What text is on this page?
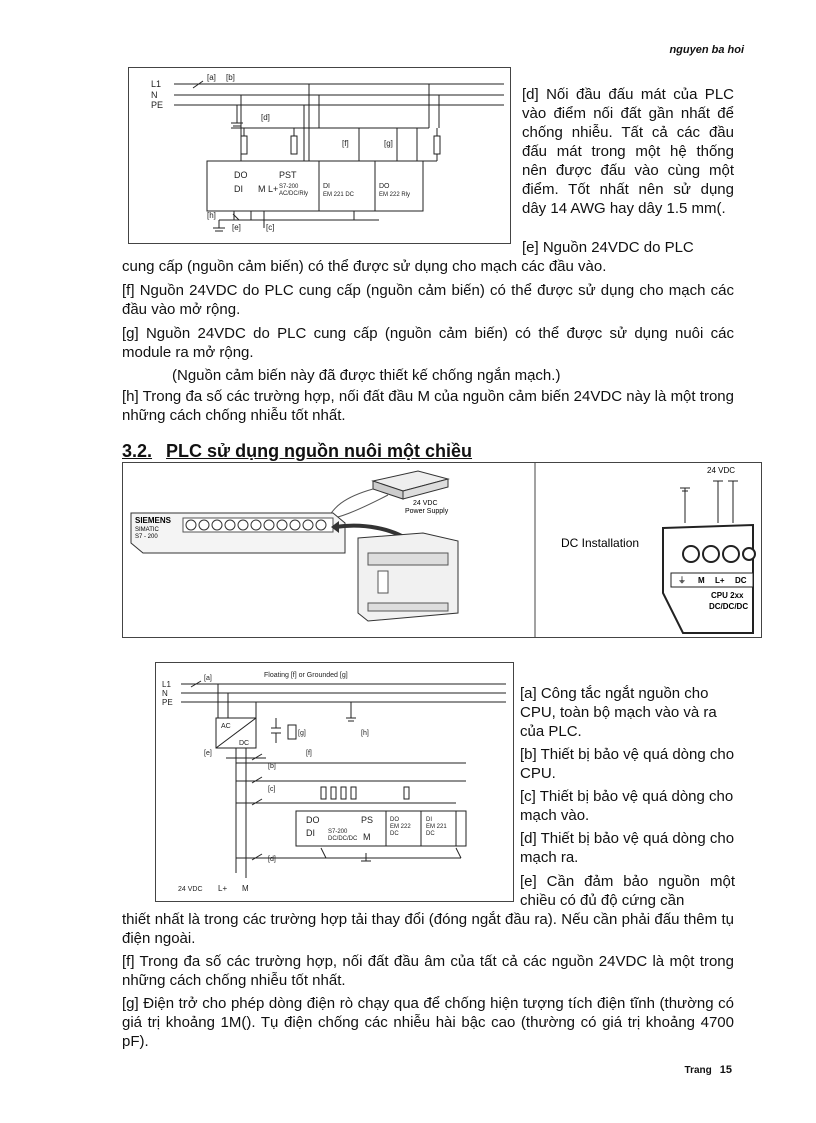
nguyen ba hoi
L1
N
PE
[a] [b]
[d]
[e]
[f]	[g]
[h]
[c]
DO	PST
DI M L+ S7-200
AC/DC/Rly
DI
EM 221 DC
DO
EM 222 Rly

[d] Nối đầu đấu mát của PLC vào điểm nối đất gần nhất để chống nhiễu. Tất cả các đầu đấu mát trong một hệ thống nên được đấu vào cùng một điểm. Tốt nhất nên sử dụng dây 14 AWG hay dây 1.5 mm(.

[e] Nguồn 24VDC do PLC

cung cấp (nguồn cảm biến) có thể được sử dụng cho mạch các đầu vào.

[f] Nguồn 24VDC do PLC cung cấp (nguồn cảm biến) có thể được sử dụng cho mạch các đầu vào mở rộng.

[g] Nguồn 24VDC do PLC cung cấp (nguồn cảm biến) có thể được sử dụng nuôi các module ra mở rộng.

(Nguồn cảm biến này đã được thiết kế chống ngắn mạch.)

[h] Trong đa số các trường hợp, nối đất đầu M của nguồn cảm biến 24VDC này là một trong những cách chống nhiễu tốt nhất.

3.2. PLC sử dụng nguồn nuôi một chiều
24 VDC
Power Supply
SIEMENS
SIMATIC
S7 - 200	DC Installation
24 VDC
⏚ M L+ DC
CPU 2xx
DC/DC/DC
Floating [f] or Grounded [g]
L1
N
PE
[a]
[b]
[c]
[d]
[e]	[f]
[g]	[h]
AC
DC
24 VDC L+ M
DO	PS
DI S7-200
DC/DC/DC M
DO
EM 222
DC
DI
EM 221
DC

[a] Công tắc ngắt nguồn cho CPU, toàn bộ mạch vào và ra của PLC.

[b] Thiết bị bảo vệ quá dòng cho CPU.

[c] Thiết bị bảo vệ quá dòng cho mạch vào.

[d] Thiết bị bảo vệ quá dòng cho mạch ra.

[e] Cần đảm bảo nguồn một chiều có đủ độ cứng cần

thiết nhất là trong các trường hợp tải thay đổi (đóng ngắt đầu ra). Nếu cần phải đấu thêm tụ điện ngoài.

[f] Trong đa số các trường hợp, nối đất đầu âm của tất cả các nguồn 24VDC là một trong những cách chống nhiễu tốt nhất.

[g] Điện trở cho phép dòng điện rò chạy qua để chống hiện tượng tích điện tĩnh (thường có giá trị khoảng 1M(). Tụ điện chống các nhiễu hài bậc cao (thường có giá trị khoảng 4700 pF).

Trang 15
